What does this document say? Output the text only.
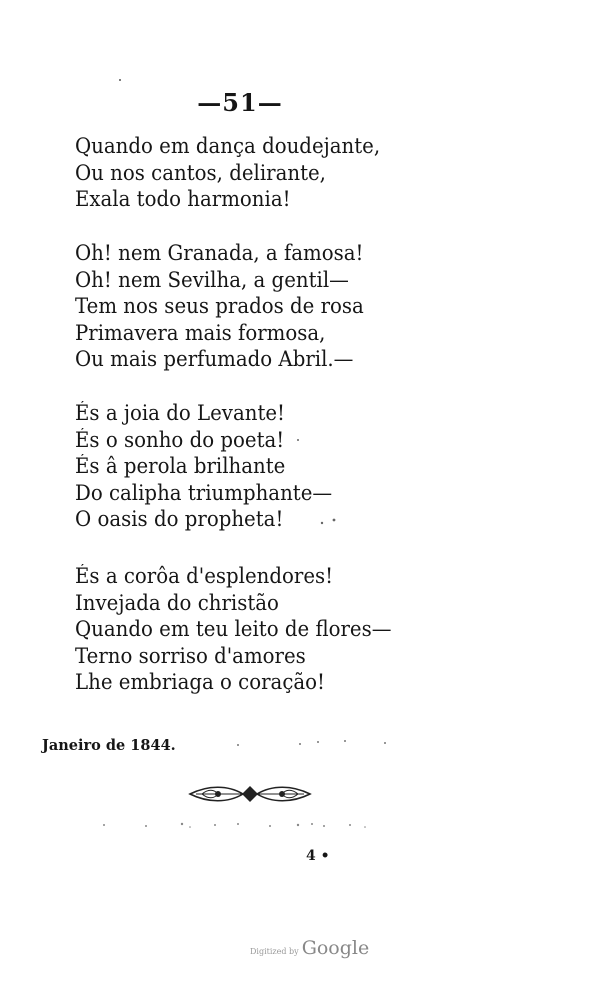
—51—
Quando em dança doudejante,
Ou nos cantos, delirante,
Exala todo harmonia!
Oh! nem Granada, a famosa!
Oh! nem Sevilha, a gentil—
Tem nos seus prados de rosa
Primavera mais formosa,
Ou mais perfumado Abril.—
És a joia do Levante!
És o sonho do poeta!
És â perola brilhante
Do calipha triumphante—
O oasis do propheta!
És a corôa d'esplendores!
Invejada do christão
Quando em teu leito de flores—
Terno sorriso d'amores
Lhe embriaga o coração!
Janeiro de 1844.
4 •
Digitized by Google
